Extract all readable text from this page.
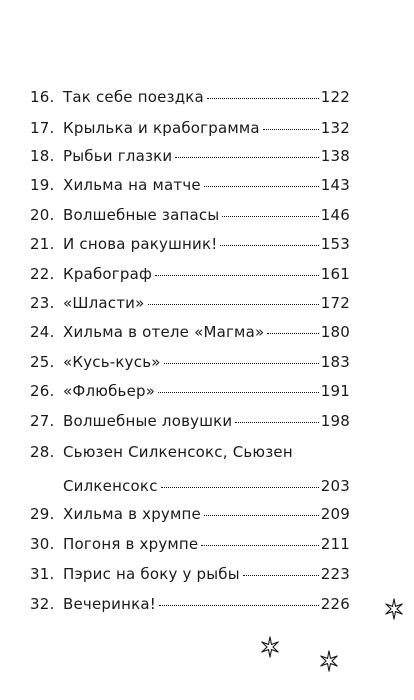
16. Так себе поездка	122
17. Крылька и крабограмма	132
18. Рыбьи глазки	138
19. Хильма на матче	143
20. Волшебные запасы	146
21. И снова ракушник!	153
22. Крабограф	161
23. «Шласти»	172
24. Хильма в отеле «Магма»	180
25. «Кусь-кусь»	183
26. «Флюбьер»	191
27. Волшебные ловушки	198
28. Сьюзен Силкенсокс, Сьюзен
Силкенсокс	203
29. Хильма в хрумпе	209
30. Погоня в хрумпе	211
31. Пэрис на боку у рыбы	223
32. Вечеринка!	226
